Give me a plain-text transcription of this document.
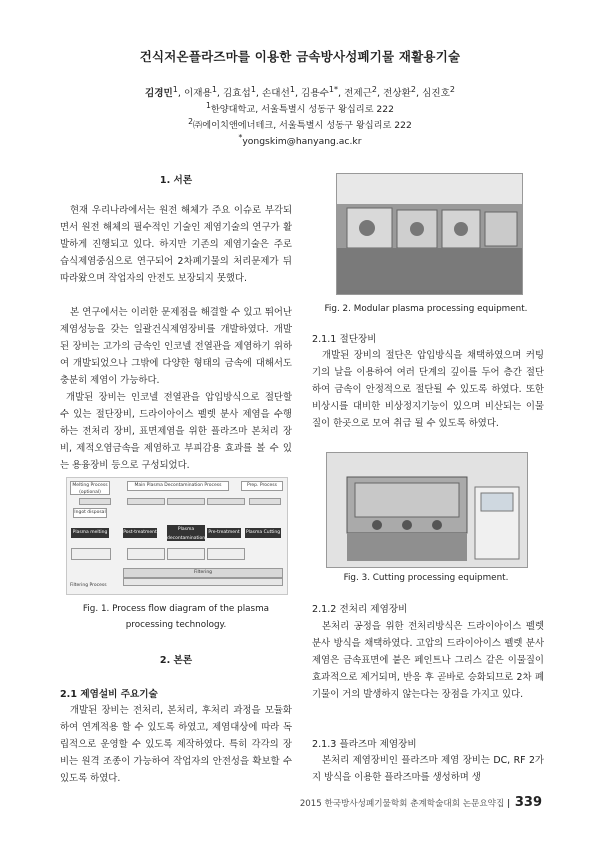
건식저온플라즈마를 이용한 금속방사성폐기물 재활용기술
김경민$^1$, 이재용$^1$, 김효섭$^1$, 손대선$^1$, 김용수$^{1*}$, 전제근$^2$, 전상환$^2$, 심진호$^2$
$^1$한양대학교, 서울특별시 성동구 왕십리로 222
$^2$㈜에이치앤에너테크, 서울특별시 성동구 왕십리로 222
*yongskim@hanyang.ac.kr
1. 서론
현재 우리나라에서는 원전 해체가 주요 이슈로 부각되면서 원전 해체의 필수적인 기술인 제염기술의 연구가 활발하게 진행되고 있다. 하지만 기존의 제염기술은 주로 습식제염중심으로 연구되어 2차폐기물의 처리문제가 뒤따라왔으며 작업자의 안전도 보장되지 못했다.
본 연구에서는 이러한 문제점을 해결할 수 있고 뛰어난 제염성능을 갖는 일괄건식제염장비를 개발하였다. 개발된 장비는 고가의 금속인 인코넬 전열관을 제염하기 위하여 개발되었으나 그밖에 다양한 형태의 금속에 대해서도 충분히 제염이 가능하다.
개발된 장비는 인코넬 전열관을 압입방식으로 절단할 수 있는 절단장비, 드라이아이스 펠렛 분사 제염을 수행하는 전처리 장비, 표면제염을 위한 플라즈마 본처리 장비, 제적오염금속을 제염하고 부피감용 효과를 볼 수 있는 용융장비 등으로 구성되었다.
Melting Process (optional)
Main Plasma Decontamination Process	Prep. Process
Ingot disposal
Plasma melting	Post-treatment
Plasma decontamination
Pre-treatment Plasma Cutting
Filtering
Filtering Process
Fig. 1. Process flow diagram of the plasma processing technology.
2. 본론
2.1 제염설비 주요기술
개발된 장비는 전처리, 본처리, 후처리 과정을 모듈화하여 연계적용 할 수 있도록 하였고, 제염대상에 따라 독립적으로 운영할 수 있도록 제작하였다. 특히 각각의 장비는 원격 조종이 가능하여 작업자의 안전성을 확보할 수 있도록 하였다.
Fig. 2. Modular plasma processing equipment.
2.1.1 절단장비
개발된 장비의 절단은 압입방식을 채택하였으며 커팅기의 날을 이용하여 여러 단계의 깊이를 두어 층간 절단하여 금속이 안정적으로 절단될 수 있도록 하였다. 또한 비상시를 대비한 비상정지기능이 있으며 비산되는 이물질이 한곳으로 모여 취급 될 수 있도록 하였다.
Fig. 3. Cutting processing equipment.
2.1.2 전처리 제염장비
본처리 공정을 위한 전처리방식은 드라이아이스 펠렛 분사 방식을 채택하였다. 고압의 드라이아이스 펠렛 분사 제염은 금속표면에 붙은 페인트나 그리스 같은 이물질이 효과적으로 제거되며, 반응 후 곧바로 승화되므로 2차 폐기물이 거의 발생하지 않는다는 장점을 가지고 있다.
2.1.3 플라즈마 제염장비
본처리 제염장비인 플라즈마 제염 장비는 DC, RF 2가지 방식을 이용한 플라즈마를 생성하며 생
2015 한국방사성폐기물학회 춘계학술대회 논문요약집 | 339
